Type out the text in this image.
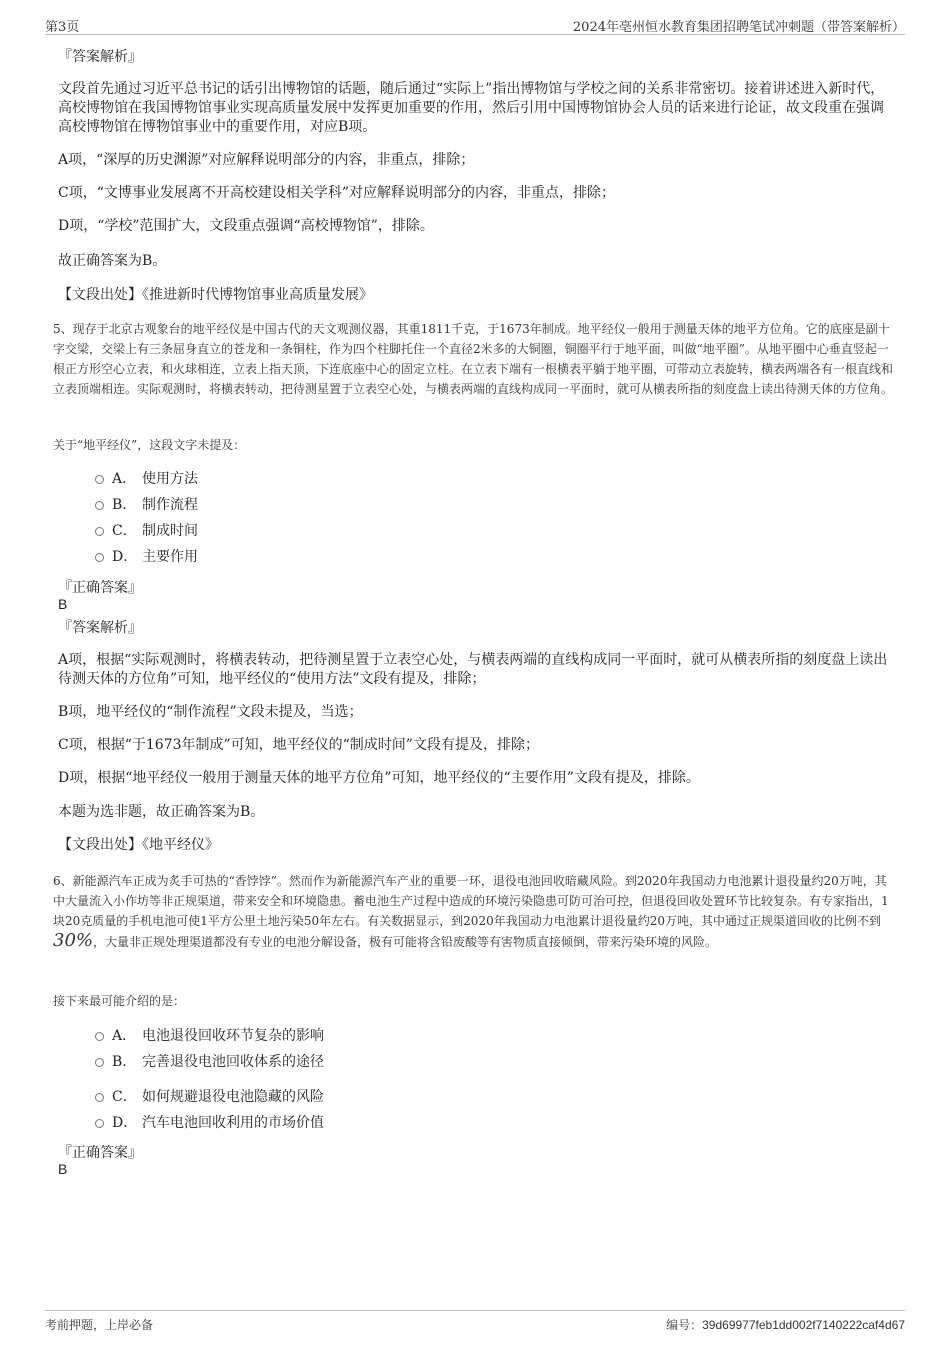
第3页	2024年亳州恒水教育集团招聘笔试冲刺题（带答案解析）
『答案解析』
文段首先通过习近平总书记的话引出博物馆的话题，随后通过“实际上”指出博物馆与学校之间的关系非常密切。接着讲述进入新时代，高校博物馆在我国博物馆事业实现高质量发展中发挥更加重要的作用，然后引用中国博物馆协会人员的话来进行论证，故文段重在强调高校博物馆在博物馆事业中的重要作用，对应B项。
A项，“深厚的历史渊源”对应解释说明部分的内容，非重点，排除；
C项，“文博事业发展离不开高校建设相关学科”对应解释说明部分的内容，非重点，排除；
D项，“学校”范围扩大，文段重点强调“高校博物馆”，排除。
故正确答案为B。
【文段出处】《推进新时代博物馆事业高质量发展》
5、现存于北京古观象台的地平经仪是中国古代的天文观测仪器，其重1811千克，于1673年制成。地平经仪一般用于测量天体的地平方位角。它的底座是副十字交梁，交梁上有三条屈身直立的苍龙和一条铜柱，作为四个柱脚托住一个直径2米多的大铜圈，铜圈平行于地平面，叫做“地平圈”。从地平圈中心垂直竖起一根正方形空心立表，和火球相连，立表上指天顶，下连底座中心的固定立柱。在立表下端有一根横表平躺于地平圈，可带动立表旋转，横表两端各有一根直线和立表顶端相连。实际观测时，将横表转动，把待测星置于立表空心处，与横表两端的直线构成同一平面时，就可从横表所指的刻度盘上读出待测天体的方位角。
关于“地平经仪”，这段文字未提及：
A． 使用方法
B． 制作流程
C． 制成时间
D． 主要作用
『正确答案』
B
『答案解析』
A项，根据“实际观测时，将横表转动，把待测星置于立表空心处，与横表两端的直线构成同一平面时，就可从横表所指的刻度盘上读出待测天体的方位角”可知，地平经仪的“使用方法”文段有提及，排除；
B项，地平经仪的“制作流程”文段未提及，当选；
C项，根据“于1673年制成”可知，地平经仪的“制成时间”文段有提及，排除；
D项，根据“地平经仪一般用于测量天体的地平方位角”可知，地平经仪的“主要作用”文段有提及，排除。
本题为选非题，故正确答案为B。
【文段出处】《地平经仪》
6、新能源汽车正成为炙手可热的“香饽饽”。然而作为新能源汽车产业的重要一环，退役电池回收暗藏风险。到2020年我国动力电池累计退役量约20万吨，其中大量流入小作坊等非正规渠道，带来安全和环境隐患。蓄电池生产过程中造成的环境污染隐患可防可治可控，但退役回收处置环节比较复杂。有专家指出，1块20克质量的手机电池可使1平方公里土地污染50年左右。有关数据显示，到2020年我国动力电池累计退役量约20万吨，其中通过正规渠道回收的比例不到30%，大量非正规处理渠道都没有专业的电池分解设备，极有可能将含铅废酸等有害物质直接倾倒，带来污染环境的风险。
接下来最可能介绍的是：
A． 电池退役回收环节复杂的影响
B． 完善退役电池回收体系的途径
C． 如何规避退役电池隐藏的风险
D． 汽车电池回收利用的市场价值
『正确答案』
B
考前押题，上岸必备	编号：39d69977feb1dd002f7140222caf4d67
